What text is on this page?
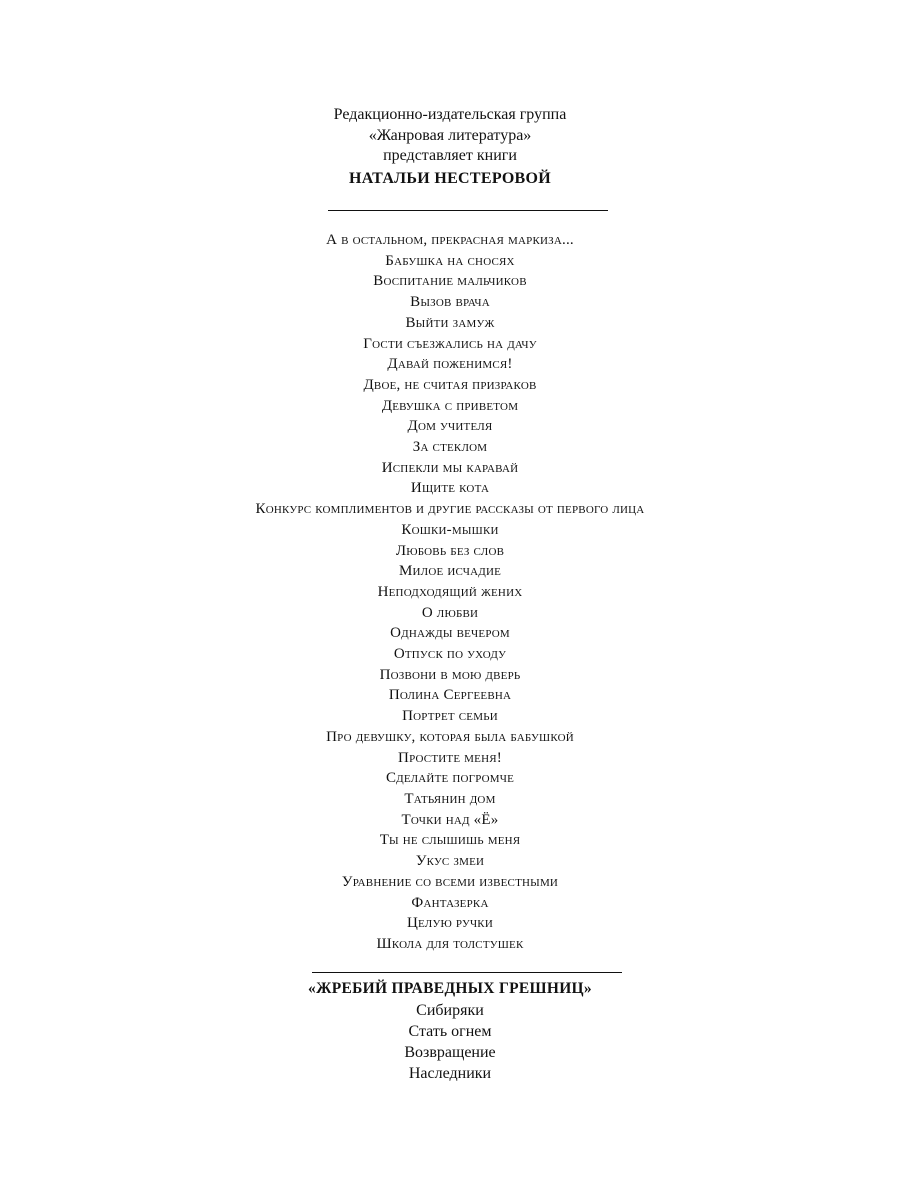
Редакционно-издательская группа
«Жанровая литература»
представляет книги
НАТАЛЬИ НЕСТЕРОВОЙ
А в остальном, прекрасная маркиза...
Бабушка на сносях
Воспитание мальчиков
Вызов врача
Выйти замуж
Гости съезжались на дачу
Давай поженимся!
Двое, не считая призраков
Девушка с приветом
Дом учителя
За стеклом
Испекли мы каравай
Ищите кота
Конкурс комплиментов и другие рассказы от первого лица
Кошки-мышки
Любовь без слов
Милое исчадие
Неподходящий жених
О любви
Однажды вечером
Отпуск по уходу
Позвони в мою дверь
Полина Сергеевна
Портрет семьи
Про девушку, которая была бабушкой
Простите меня!
Сделайте погромче
Татьянин дом
Точки над «Ё»
Ты не слышишь меня
Укус змеи
Уравнение со всеми известными
Фантазерка
Целую ручки
Школа для толстушек
«ЖРЕБИЙ ПРАВЕДНЫХ ГРЕШНИЦ»
Сибиряки
Стать огнем
Возвращение
Наследники
